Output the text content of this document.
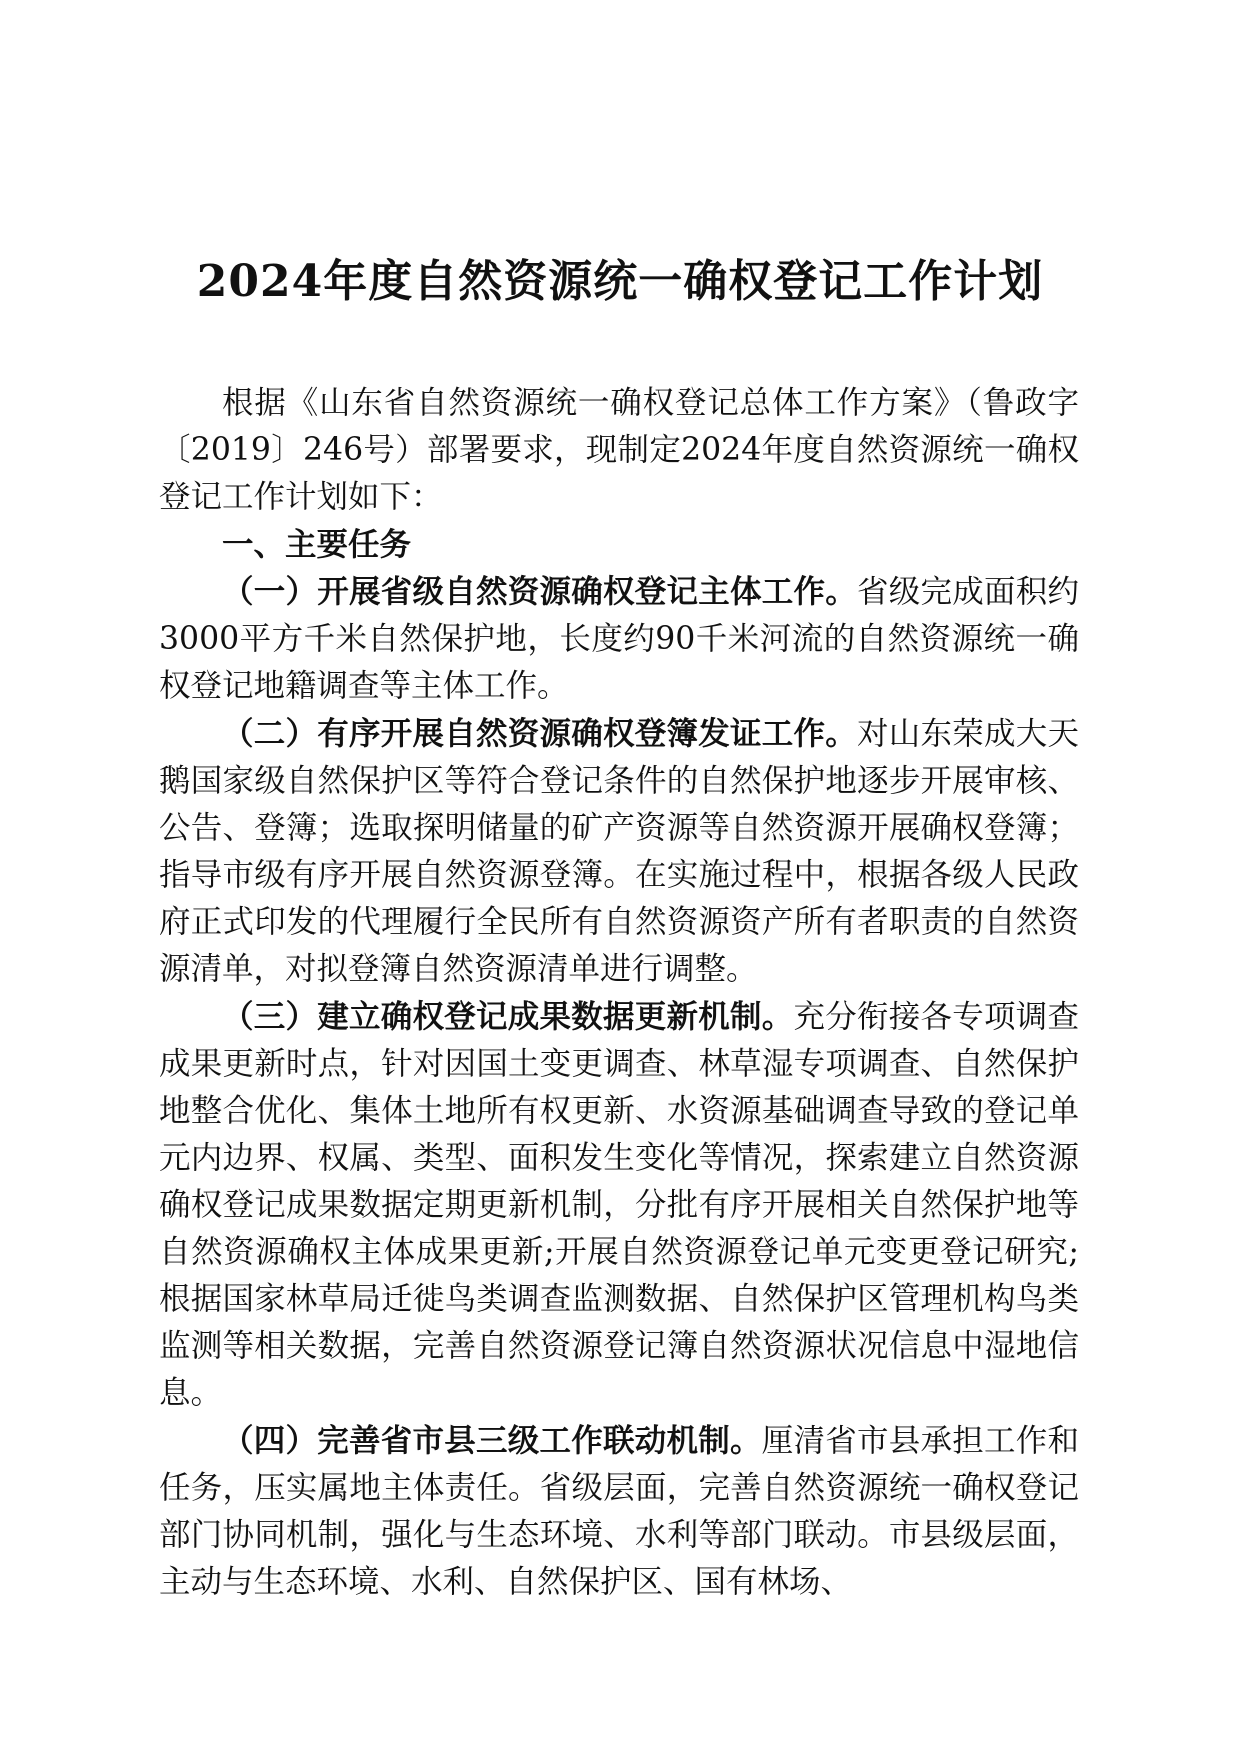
2024年度自然资源统一确权登记工作计划

根据《山东省自然资源统一确权登记总体工作方案》（鲁政字〔2019〕246号）部署要求，现制定2024年度自然资源统一确权登记工作计划如下：

一、主要任务

（一）开展省级自然资源确权登记主体工作。省级完成面积约3000平方千米自然保护地，长度约90千米河流的自然资源统一确权登记地籍调查等主体工作。

（二）有序开展自然资源确权登簿发证工作。对山东荣成大天鹅国家级自然保护区等符合登记条件的自然保护地逐步开展审核、公告、登簿；选取探明储量的矿产资源等自然资源开展确权登簿；指导市级有序开展自然资源登簿。在实施过程中，根据各级人民政府正式印发的代理履行全民所有自然资源资产所有者职责的自然资源清单，对拟登簿自然资源清单进行调整。

（三）建立确权登记成果数据更新机制。充分衔接各专项调查成果更新时点，针对因国土变更调查、林草湿专项调查、自然保护地整合优化、集体土地所有权更新、水资源基础调查导致的登记单元内边界、权属、类型、面积发生变化等情况，探索建立自然资源确权登记成果数据定期更新机制，分批有序开展相关自然保护地等自然资源确权主体成果更新;开展自然资源登记单元变更登记研究;根据国家林草局迁徙鸟类调查监测数据、自然保护区管理机构鸟类监测等相关数据，完善自然资源登记簿自然资源状况信息中湿地信息。

（四）完善省市县三级工作联动机制。厘清省市县承担工作和任务，压实属地主体责任。省级层面，完善自然资源统一确权登记部门协同机制，强化与生态环境、水利等部门联动。市县级层面，主动与生态环境、水利、自然保护区、国有林场、
